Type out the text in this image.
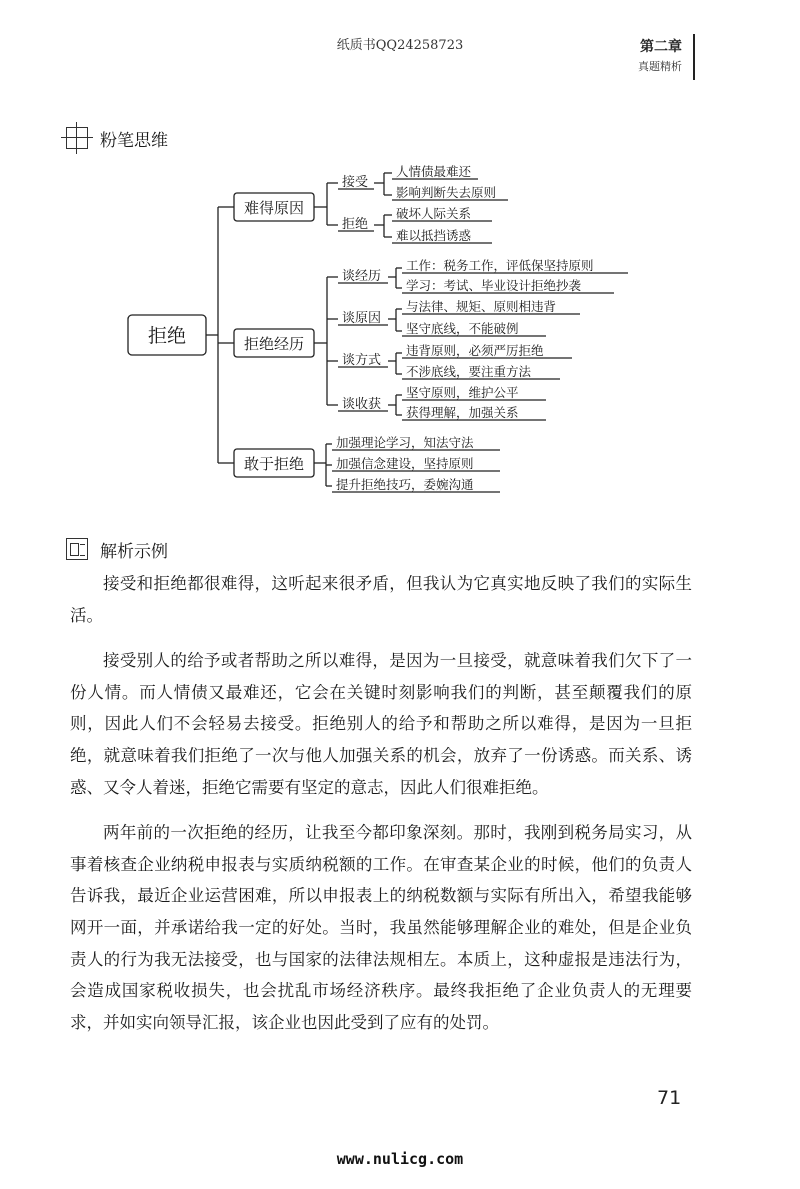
纸质书QQ24258723	第二章
真题精析
粉笔思维
拒绝
难得原因
拒绝经历
敢于拒绝
接受
拒绝
人情债最难还
影响判断失去原则
破坏人际关系
难以抵挡诱惑
谈经历
谈原因
谈方式
谈收获
工作：税务工作，评低保坚持原则
学习：考试、毕业设计拒绝抄袭
与法律、规矩、原则相违背
坚守底线，不能破例
违背原则，必须严厉拒绝
不涉底线，要注重方法
坚守原则，维护公平
获得理解，加强关系
加强理论学习，知法守法
加强信念建设，坚持原则
提升拒绝技巧，委婉沟通
解析示例

接受和拒绝都很难得，这听起来很矛盾，但我认为它真实地反映了我们的实际生活。

接受别人的给予或者帮助之所以难得，是因为一旦接受，就意味着我们欠下了一份人情。而人情债又最难还，它会在关键时刻影响我们的判断，甚至颠覆我们的原则，因此人们不会轻易去接受。拒绝别人的给予和帮助之所以难得，是因为一旦拒绝，就意味着我们拒绝了一次与他人加强关系的机会，放弃了一份诱惑。而关系、诱惑、又令人着迷，拒绝它需要有坚定的意志，因此人们很难拒绝。

两年前的一次拒绝的经历，让我至今都印象深刻。那时，我刚到税务局实习，从事着核查企业纳税申报表与实质纳税额的工作。在审查某企业的时候，他们的负责人告诉我，最近企业运营困难，所以申报表上的纳税数额与实际有所出入，希望我能够网开一面，并承诺给我一定的好处。当时，我虽然能够理解企业的难处，但是企业负责人的行为我无法接受，也与国家的法律法规相左。本质上，这种虚报是违法行为，会造成国家税收损失，也会扰乱市场经济秩序。最终我拒绝了企业负责人的无理要求，并如实向领导汇报，该企业也因此受到了应有的处罚。

71
www.nulicg.com
